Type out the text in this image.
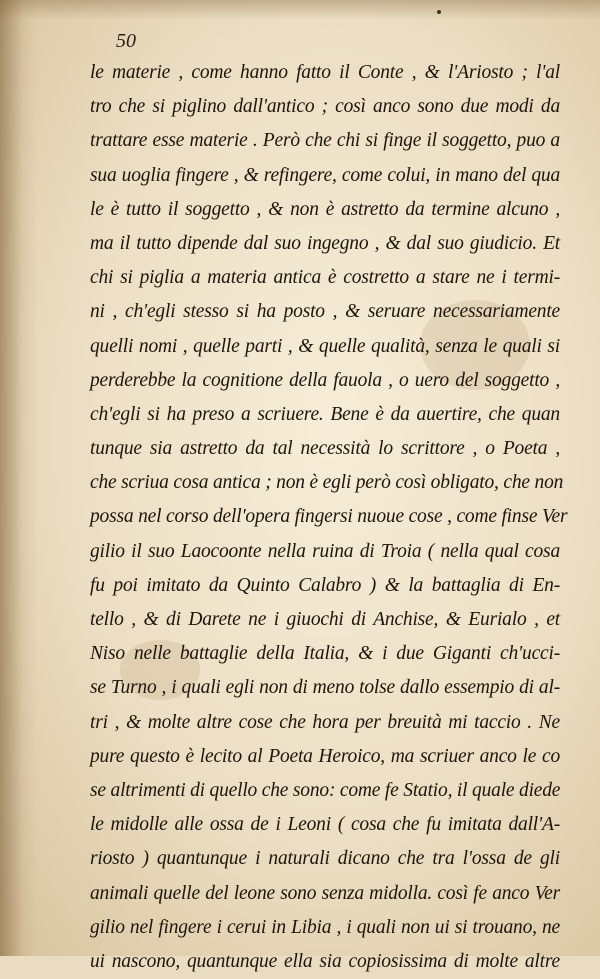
50
le materie , come hanno fatto il Conte , & l'Ariosto ; l'al
tro che si piglino dall'antico ; così anco sono due modi da
trattare esse materie . Però che chi si finge il soggetto, puo a
sua uoglia fingere , & refingere, come colui, in mano del qua
le è tutto il soggetto , & non è astretto da termine alcuno ,
ma il tutto dipende dal suo ingegno , & dal suo giudicio. Et
chi si piglia a materia antica è costretto a stare ne i termi-
ni , ch'egli stesso si ha posto , & seruare necessariamente
quelli nomi , quelle parti , & quelle qualità, senza le quali si
perderebbe la cognitione della fauola , o uero del soggetto ,
ch'egli si ha preso a scriuere. Bene è da auertire, che quan
tunque sia astretto da tal necessità lo scrittore , o Poeta ,
che scriua cosa antica ; non è egli però così obligato, che non
possa nel corso dell'opera fingersi nuoue cose , come finse Ver
gilio il suo Laocoonte nella ruina di Troia ( nella qual cosa
fu poi imitato da Quinto Calabro ) & la battaglia di En-
tello , & di Darete ne i giuochi di Anchise, & Eurialo , et
Niso nelle battaglie della Italia, & i due Giganti ch'ucci-
se Turno , i quali egli non di meno tolse dallo essempio di al-
tri , & molte altre cose che hora per breuità mi taccio . Ne
pure questo è lecito al Poeta Heroico, ma scriuer anco le co
se altrimenti di quello che sono: come fe Statio, il quale diede
le midolle alle ossa de i Leoni ( cosa che fu imitata dall'A-
riosto ) quantunque i naturali dicano che tra l'ossa de gli
animali quelle del leone sono senza midolla. così fe anco Ver
gilio nel fingere i cerui in Libia , i quali non ui si trouano, ne
ui nascono, quantunque ella sia copiosissima di molte altre
